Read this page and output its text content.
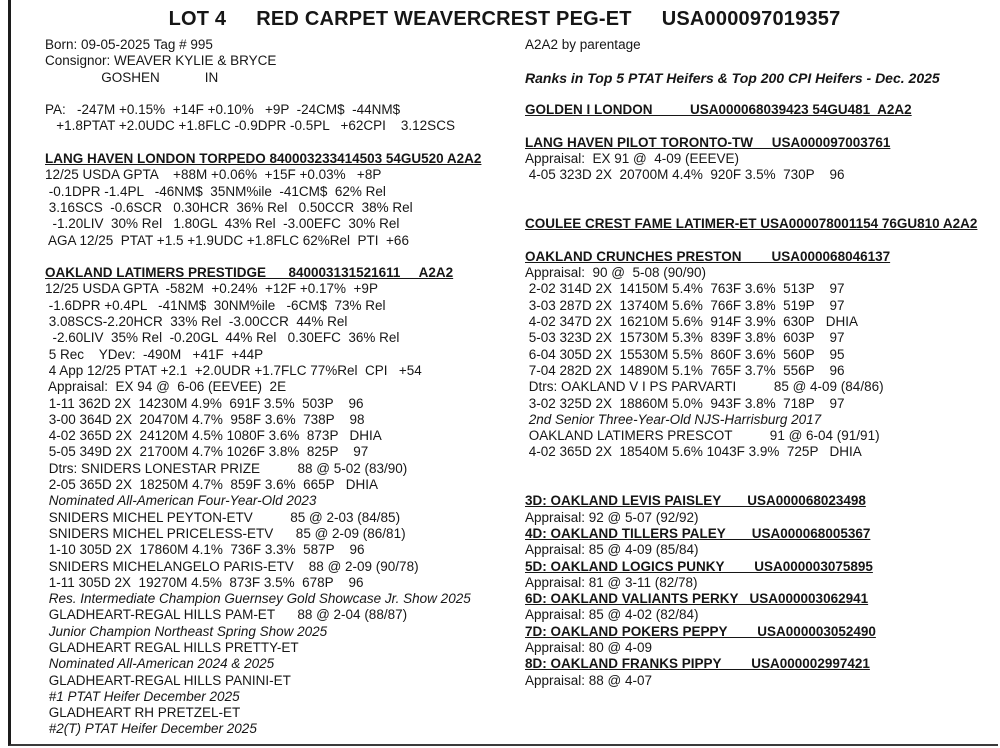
LOT 4 RED CARPET WEAVERCREST PEG-ET USA000097019357
Born: 09-05-2025 Tag # 995
Consignor: WEAVER KYLIE & BRYCE
GOSHEN            IN
PA:   -247M +0.15%  +14F +0.10%   +9P  -24CM$  -44NM$
+1.8PTAT +2.0UDC +1.8FLC -0.9DPR -0.5PL   +62CPI    3.12SCS
LANG HAVEN LONDON TORPEDO 840003233414503 54GU520 A2A2
12/25 USDA GPTA    +88M +0.06%  +15F +0.03%   +8P
-0.1DPR -1.4PL   -46NM$  35NM%ile  -41CM$  62% Rel
3.16SCS  -0.6SCR   0.30HCR  36% Rel   0.50CCR  38% Rel
-1.20LIV  30% Rel   1.80GL  43% Rel  -3.00EFC  30% Rel
AGA 12/25  PTAT +1.5 +1.9UDC +1.8FLC 62%Rel  PTI  +66
OAKLAND LATIMERS PRESTIDGE      840003131521611     A2A2
12/25 USDA GPTA  -582M  +0.24%  +12F +0.17%  +9P
-1.6DPR +0.4PL   -41NM$  30NM%ile   -6CM$  73% Rel
3.08SCS-2.20HCR  33% Rel  -3.00CCR  44% Rel
-2.60LIV  35% Rel  -0.20GL  44% Rel   0.30EFC  36% Rel
5 Rec    YDev:  -490M   +41F  +44P
4 App 12/25 PTAT +2.1  +2.0UDR +1.7FLC 77%Rel  CPI   +54
Appraisal:  EX 94 @  6-06 (EEVEE)  2E
1-11 362D 2X  14230M 4.9%  691F 3.5%  503P    96
3-00 364D 2X  20470M 4.7%  958F 3.6%  738P    98
4-02 365D 2X  24120M 4.5% 1080F 3.6%  873P   DHIA
5-05 349D 2X  21700M 4.7% 1026F 3.8%  825P    97
Dtrs: SNIDERS LONESTAR PRIZE          88 @ 5-02 (83/90)
2-05 365D 2X  18250M 4.7%  859F 3.6%  665P   DHIA
Nominated All-American Four-Year-Old 2023
SNIDERS MICHEL PEYTON-ETV          85 @ 2-03 (84/85)
SNIDERS MICHEL PRICELESS-ETV      85 @ 2-09 (86/81)
1-10 305D 2X  17860M 4.1%  736F 3.3%  587P    96
SNIDERS MICHELANGELO PARIS-ETV    88 @ 2-09 (90/78)
1-11 305D 2X  19270M 4.5%  873F 3.5%  678P    96
Res. Intermediate Champion Guernsey Gold Showcase Jr. Show 2025
GLADHEART-REGAL HILLS PAM-ET      88 @ 2-04 (88/87)
Junior Champion Northeast Spring Show 2025
GLADHEART REGAL HILLS PRETTY-ET
Nominated All-American 2024 & 2025
GLADHEART-REGAL HILLS PANINI-ET
#1 PTAT Heifer December 2025
GLADHEART RH PRETZEL-ET
#2(T) PTAT Heifer December 2025
A2A2 by parentage
Ranks in Top 5 PTAT Heifers & Top 200 CPI Heifers - Dec. 2025
GOLDEN I LONDON          USA000068039423 54GU481  A2A2
LANG HAVEN PILOT TORONTO-TW     USA000097003761
Appraisal:  EX 91 @  4-09 (EEEVE)
4-05 323D 2X  20700M 4.4%  920F 3.5%  730P    96
COULEE CREST FAME LATIMER-ET USA000078001154 76GU810 A2A2
OAKLAND CRUNCHES PRESTON        USA000068046137
Appraisal:  90 @  5-08 (90/90)
2-02 314D 2X  14150M 5.4%  763F 3.6%  513P    97
3-03 287D 2X  13740M 5.6%  766F 3.8%  519P    97
4-02 347D 2X  16210M 5.6%  914F 3.9%  630P   DHIA
5-03 323D 2X  15730M 5.3%  839F 3.8%  603P    97
6-04 305D 2X  15530M 5.5%  860F 3.6%  560P    95
7-04 282D 2X  14890M 5.1%  765F 3.7%  556P    96
Dtrs: OAKLAND V I PS PARVARTI          85 @ 4-09 (84/86)
3-02 325D 2X  18860M 5.0%  943F 3.8%  718P    97
2nd Senior Three-Year-Old NJS-Harrisburg 2017
OAKLAND LATIMERS PRESCOT          91 @ 6-04 (91/91)
4-02 365D 2X  18540M 5.6% 1043F 3.9%  725P   DHIA
3D: OAKLAND LEVIS PAISLEY       USA000068023498
Appraisal: 92 @ 5-07 (92/92)
4D: OAKLAND TILLERS PALEY       USA000068005367
Appraisal: 85 @ 4-09 (85/84)
5D: OAKLAND LOGICS PUNKY        USA000003075895
Appraisal: 81 @ 3-11 (82/78)
6D: OAKLAND VALIANTS PERKY   USA000003062941
Appraisal: 85 @ 4-02 (82/84)
7D: OAKLAND POKERS PEPPY        USA000003052490
Appraisal: 80 @ 4-09
8D: OAKLAND FRANKS PIPPY        USA000002997421
Appraisal: 88 @ 4-07
